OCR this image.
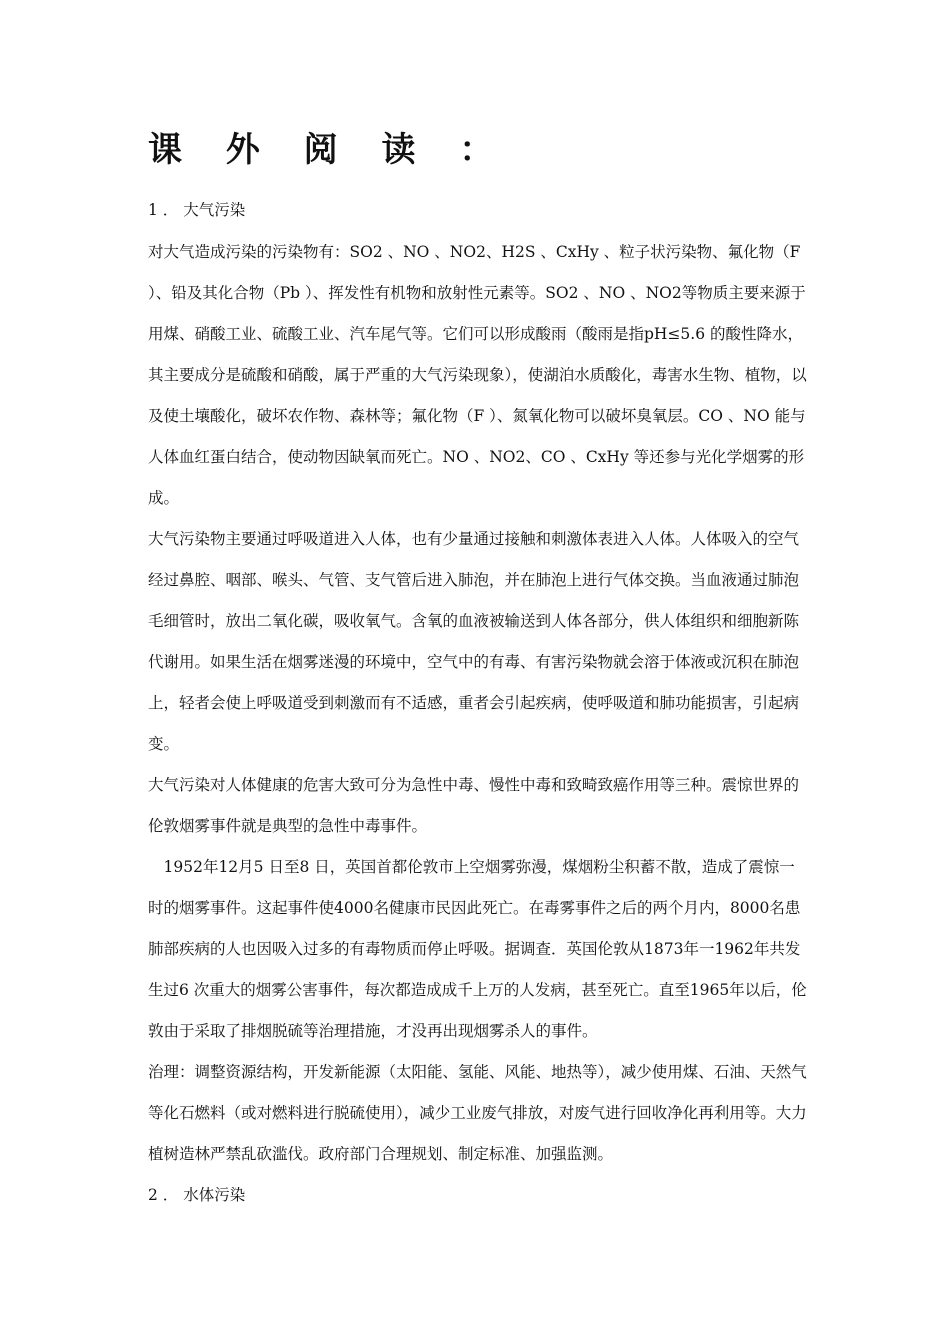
课 外 阅 读 ：
1 ． 大气污染

对大气造成污染的污染物有：SO2 、NO 、NO2、H2S 、CxHy 、粒子状污染物、氟化物（F ）、铅及其化合物（Pb ）、挥发性有机物和放射性元素等。SO2 、NO 、NO2等物质主要来源于用煤、硝酸工业、硫酸工业、汽车尾气等。它们可以形成酸雨（酸雨是指pH≤5.6 的酸性降水，其主要成分是硫酸和硝酸，属于严重的大气污染现象），使湖泊水质酸化，毒害水生物、植物，以及使土壤酸化，破坏农作物、森林等；氟化物（F ）、氮氧化物可以破坏臭氧层。CO 、NO 能与人体血红蛋白结合，使动物因缺氧而死亡。NO 、NO2、CO 、CxHy 等还参与光化学烟雾的形成。

大气污染物主要通过呼吸道进入人体，也有少量通过接触和刺激体表进入人体。人体吸入的空气经过鼻腔、咽部、喉头、气管、支气管后进入肺泡，并在肺泡上进行气体交换。当血液通过肺泡毛细管时，放出二氧化碳，吸收氧气。含氧的血液被输送到人体各部分，供人体组织和细胞新陈代谢用。如果生活在烟雾迷漫的环境中，空气中的有毒、有害污染物就会溶于体液或沉积在肺泡上，轻者会使上呼吸道受到刺激而有不适感，重者会引起疾病，使呼吸道和肺功能损害，引起病变。

大气污染对人体健康的危害大致可分为急性中毒、慢性中毒和致畸致癌作用等三种。震惊世界的伦敦烟雾事件就是典型的急性中毒事件。

1952年12月5 日至8 日，英国首都伦敦市上空烟雾弥漫，煤烟粉尘积蓄不散，造成了震惊一时的烟雾事件。这起事件使4000名健康市民因此死亡。在毒雾事件之后的两个月内，8000名患肺部疾病的人也因吸入过多的有毒物质而停止呼吸。据调查．英国伦敦从1873年一1962年共发生过6 次重大的烟雾公害事件，每次都造成成千上万的人发病，甚至死亡。直至1965年以后，伦敦由于采取了排烟脱硫等治理措施，才没再出现烟雾杀人的事件。

治理：调整资源结构，开发新能源（太阳能、氢能、风能、地热等），减少使用煤、石油、天然气等化石燃料（或对燃料进行脱硫使用），减少工业废气排放，对废气进行回收净化再利用等。大力植树造林严禁乱砍滥伐。政府部门合理规划、制定标准、加强监测。

2 ． 水体污染
